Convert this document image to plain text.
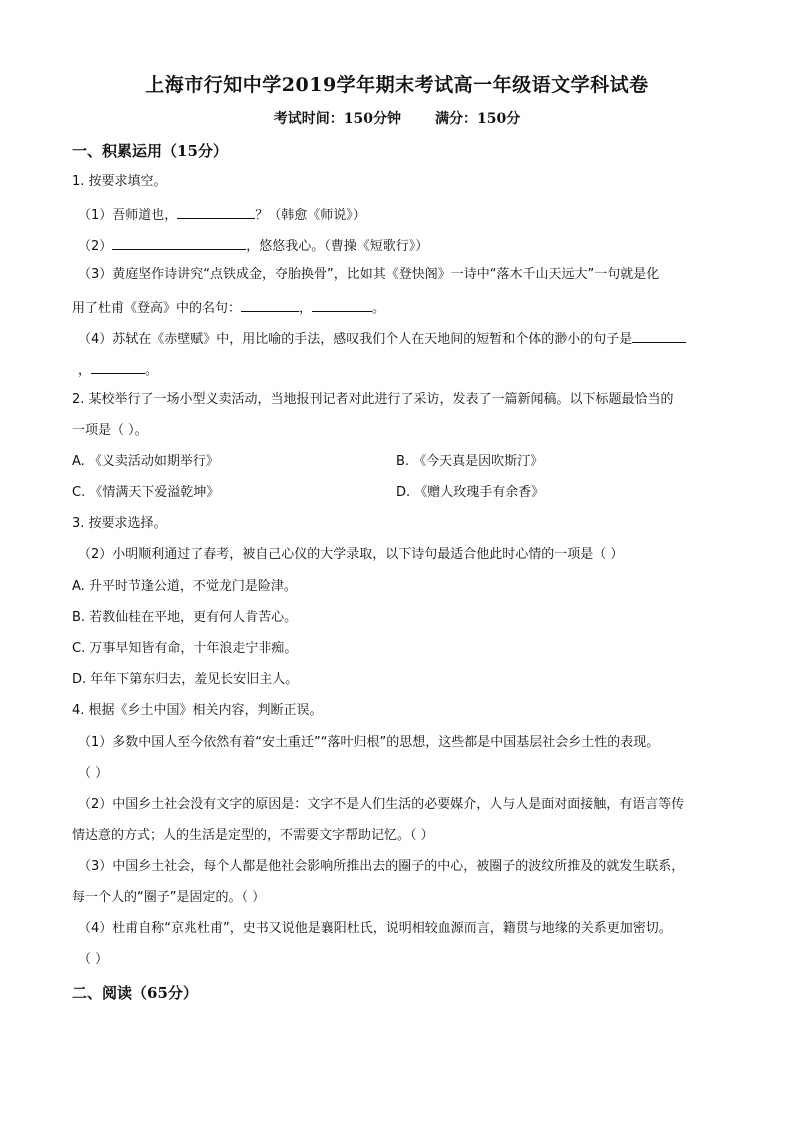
上海市行知中学2019学年期末考试高一年级语文学科试卷
考试时间：150分钟 满分：150分
一、积累运用（15分）
1. 按要求填空。
（1）吾师道也，	？（韩愈《师说》）
（2）	，悠悠我心。（曹操《短歌行》）
（3）黄庭坚作诗讲究“点铁成金，夺胎换骨”，比如其《登快阁》一诗中“落木千山天远大”一句就是化
用了杜甫《登高》中的名句：	，	。
（4）苏轼在《赤壁赋》中，用比喻的手法，感叹我们个人在天地间的短暂和个体的渺小的句子是
，	。
2. 某校举行了一场小型义卖活动，当地报刊记者对此进行了采访，发表了一篇新闻稿。以下标题最恰当的
一项是（ ）。
A. 《义卖活动如期举行》	B. 《今天真是因吹斯汀》
C. 《情满天下爱溢乾坤》	D. 《赠人玫瑰手有余香》
3. 按要求选择。
（2）小明顺利通过了春考，被自己心仪的大学录取，以下诗句最适合他此时心情的一项是（ ）
A. 升平时节逢公道，不觉龙门是险津。
B. 若教仙桂在平地，更有何人肯苦心。
C. 万事早知皆有命，十年浪走宁非痴。
D. 年年下第东归去，羞见长安旧主人。
4. 根据《乡土中国》相关内容，判断正误。
（1）多数中国人至今依然有着“安土重迁”“落叶归根”的思想，这些都是中国基层社会乡土性的表现。
（ ）
（2）中国乡土社会没有文字的原因是：文字不是人们生活的必要媒介，人与人是面对面接触，有语言等传
情达意的方式；人的生活是定型的，不需要文字帮助记忆。（ ）
（3）中国乡土社会，每个人都是他社会影响所推出去的圈子的中心，被圈子的波纹所推及的就发生联系，
每一个人的“圈子”是固定的。（ ）
（4）杜甫自称“京兆杜甫”，史书又说他是襄阳杜氏，说明相较血源而言，籍贯与地缘的关系更加密切。
（ ）
二、阅读（65分）
